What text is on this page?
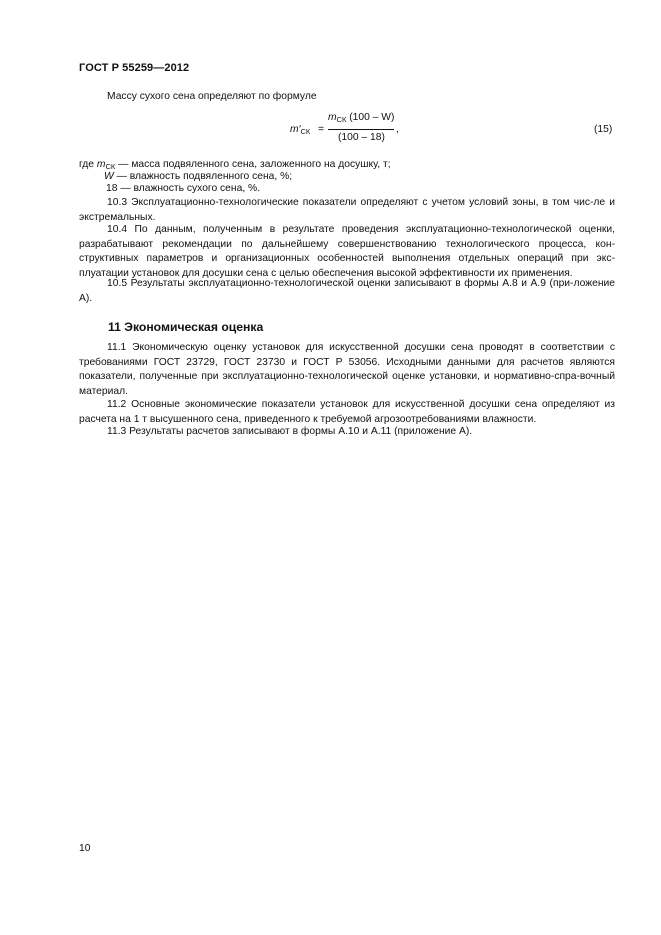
ГОСТ Р 55259—2012
Массу сухого сена определяют по формуле
$m'_{СК}$ =
$m_{СК}$ (100 – W)
(100 – 18)
,	(15)
где $m_{СК}$ — масса подвяленного сена, заложенного на досушку, т;
W — влажность подвяленного сена, %;
18 — влажность сухого сена, %.
10.3 Эксплуатационно-технологические показатели определяют с учетом условий зоны, в том чис-ле и экстремальных.
10.4 По данным, полученным в результате проведения эксплуатационно-технологической оценки, разрабатывают рекомендации по дальнейшему совершенствованию технологического процесса, кон-структивных параметров и организационных особенностей выполнения отдельных операций при экс-плуатации установок для досушки сена с целью обеспечения высокой эффективности их применения.
10.5 Результаты эксплуатационно-технологической оценки записывают в формы А.8 и А.9 (при-ложение А).
11 Экономическая оценка
11.1 Экономическую оценку установок для искусственной досушки сена проводят в соответствии с требованиями ГОСТ 23729, ГОСТ 23730 и ГОСТ Р 53056. Исходными данными для расчетов являются показатели, полученные при эксплуатационно-технологической оценке установки, и нормативно-спра-вочный материал.
11.2 Основные экономические показатели установок для искусственной досушки сена определяют из расчета на 1 т высушенного сена, приведенного к требуемой агрозоотребованиями влажности.
11.3 Результаты расчетов записывают в формы А.10 и А.11 (приложение А).
10
